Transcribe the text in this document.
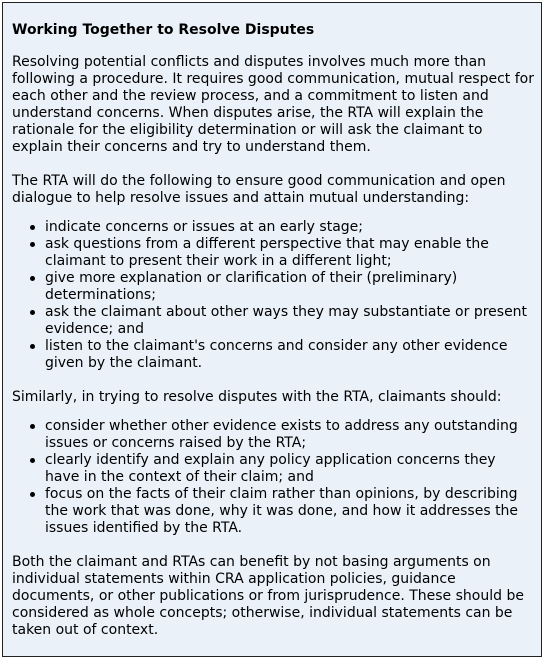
Working Together to Resolve Disputes

Resolving potential conflicts and disputes involves much more than following a procedure. It requires good communication, mutual respect for each other and the review process, and a commitment to listen and understand concerns. When disputes arise, the RTA will explain the rationale for the eligibility determination or will ask the claimant to explain their concerns and try to understand them.

The RTA will do the following to ensure good communication and open dialogue to help resolve issues and attain mutual understanding:

indicate concerns or issues at an early stage;
ask questions from a different perspective that may enable the claimant to present their work in a different light;
give more explanation or clarification of their (preliminary) determinations;
ask the claimant about other ways they may substantiate or present evidence; and
listen to the claimant's concerns and consider any other evidence given by the claimant.

Similarly, in trying to resolve disputes with the RTA, claimants should:

consider whether other evidence exists to address any outstanding issues or concerns raised by the RTA;
clearly identify and explain any policy application concerns they have in the context of their claim; and
focus on the facts of their claim rather than opinions, by describing the work that was done, why it was done, and how it addresses the issues identified by the RTA.

Both the claimant and RTAs can benefit by not basing arguments on individual statements within CRA application policies, guidance documents, or other publications or from jurisprudence. These should be considered as whole concepts; otherwise, individual statements can be taken out of context.
